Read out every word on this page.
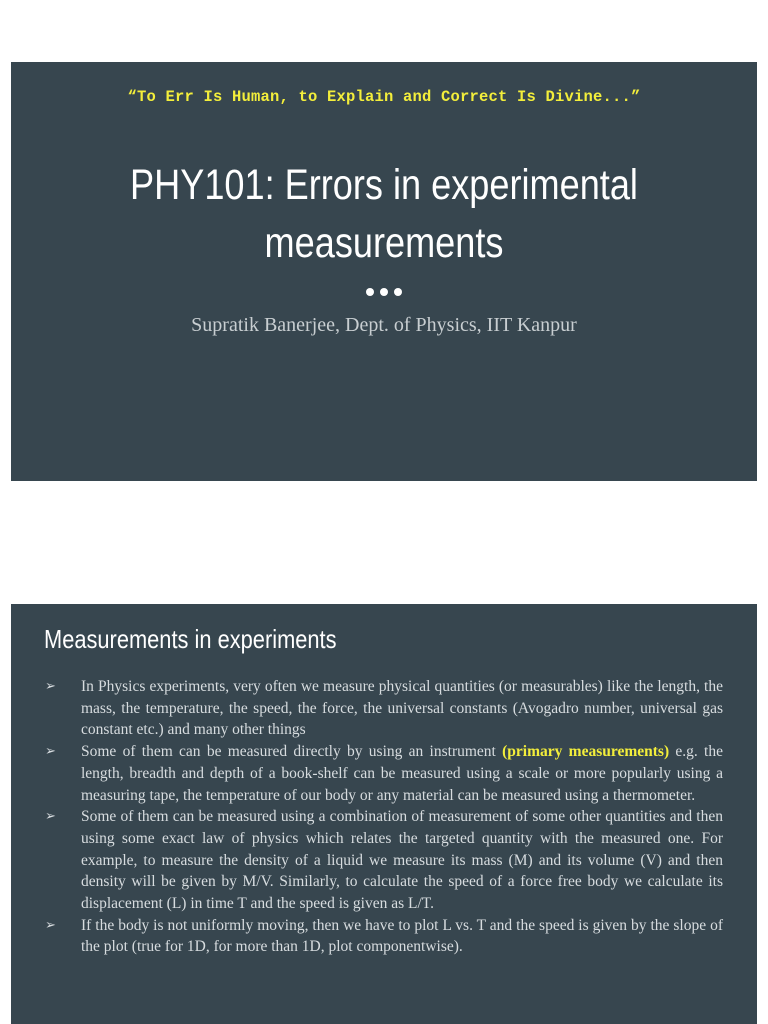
“To Err Is Human, to Explain and Correct Is Divine...”
PHY101: Errors in experimental
measurements
Supratik Banerjee, Dept. of Physics, IIT Kanpur
Measurements in experiments
➢ In Physics experiments, very often we measure physical quantities (or measurables) like the length, the mass, the temperature, the speed, the force, the universal constants (Avogadro number, universal gas constant etc.) and many other things
➢ Some of them can be measured directly by using an instrument (primary measurements) e.g. the length, breadth and depth of a book-shelf can be measured using a scale or more popularly using a measuring tape, the temperature of our body or any material can be measured using a thermometer.
➢ Some of them can be measured using a combination of measurement of some other quantities and then using some exact law of physics which relates the targeted quantity with the measured one. For example, to measure the density of a liquid we measure its mass (M) and its volume (V) and then density will be given by M/V. Similarly, to calculate the speed of a force free body we calculate its displacement (L) in time T and the speed is given as L/T.
➢ If the body is not uniformly moving, then we have to plot L vs. T and the speed is given by the slope of the plot (true for 1D, for more than 1D, plot componentwise).
